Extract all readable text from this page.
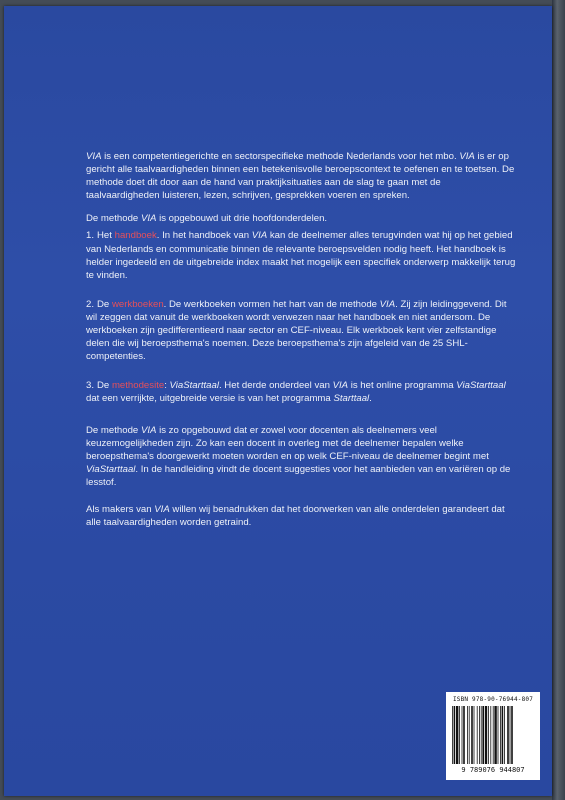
VIA is een competentiegerichte en sectorspecifieke methode Nederlands voor het mbo. VIA is er op gericht alle taalvaardigheden binnen een betekenisvolle beroepscontext te oefenen en te toetsen. De methode doet dit door aan de hand van praktijksituaties aan de slag te gaan met de taalvaardigheden luisteren, lezen, schrijven, gesprekken voeren en spreken.

De methode VIA is opgebouwd uit drie hoofdonderdelen.

1. Het handboek. In het handboek van VIA kan de deelnemer alles terugvinden wat hij op het gebied van Nederlands en communicatie binnen de relevante beroepsvelden nodig heeft. Het handboek is helder ingedeeld en de uitgebreide index maakt het mogelijk een specifiek onderwerp makkelijk terug te vinden.
2. De werkboeken. De werkboeken vormen het hart van de methode VIA. Zij zijn leidinggevend. Dit wil zeggen dat vanuit de werkboeken wordt verwezen naar het handboek en niet andersom. De werkboeken zijn gedifferentieerd naar sector en CEF-niveau. Elk werkboek kent vier zelfstandige delen die wij beroepsthema's noemen. Deze beroepsthema's zijn afgeleid van de 25 SHL-competenties.
3. De methodesite: ViaStarttaal. Het derde onderdeel van VIA is het online programma ViaStarttaal dat een verrijkte, uitgebreide versie is van het programma Starttaal.

De methode VIA is zo opgebouwd dat er zowel voor docenten als deelnemers veel keuzemogelijkheden zijn. Zo kan een docent in overleg met de deelnemer bepalen welke beroepsthema's doorgewerkt moeten worden en op welk CEF-niveau de deelnemer begint met ViaStarttaal. In de handleiding vindt de docent suggesties voor het aanbieden van en variëren op de lesstof.

Als makers van VIA willen wij benadrukken dat het doorwerken van alle onderdelen garandeert dat alle taalvaardigheden worden getraind.

ISBN 978-90-76944-807
9 789076 944807
